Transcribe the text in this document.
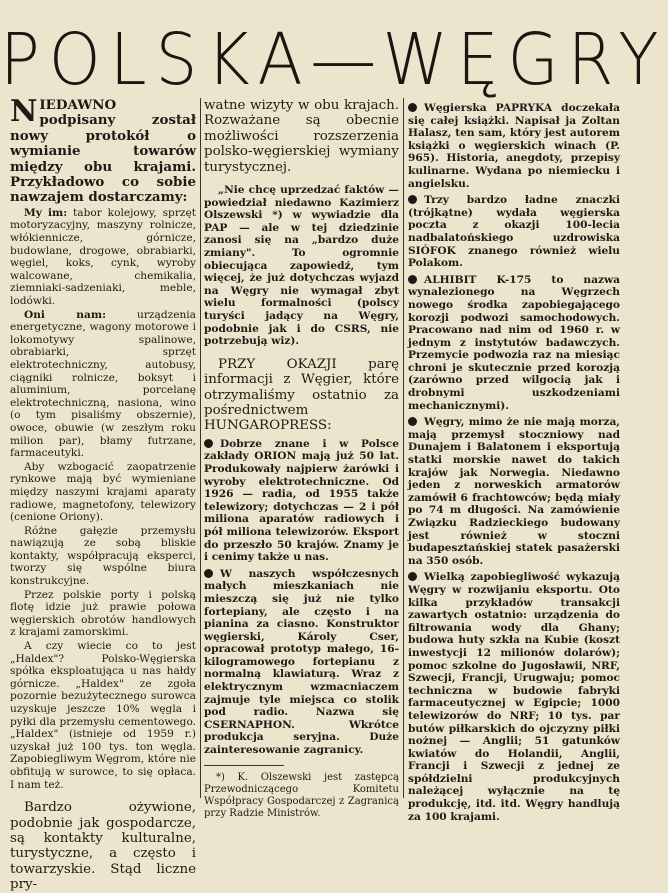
POLSKA—WĘGRY

NIEDAWNO podpisany został nowy protokół o wymianie towarów między obu krajami. Przykładowo co sobie nawzajem dostarczamy:

My im: tabor kolejowy, sprzęt motoryzacyjny, maszyny rolnicze, włókiennicze, górnicze, budowlane, drogowe, obrabiarki, węgiel, koks, cynk, wyroby walcowane, chemikalia, ziemniaki-sadzeniaki, meble, lodówki.

Oni nam:	urządzenia energetyczne, wagony motorowe i lokomotywy spalinowe, obrabiarki, sprzęt elektrotechniczny, autobusy, ciągniki rolnicze, boksyt i aluminium, porcelanę elektrotechniczną, nasiona, wino (o tym pisaliśmy obszernie), owoce, obuwie (w zeszłym roku milion par), błamy futrzane, farmaceutyki.

Aby wzbogacić zaopatrzenie rynkowe mają być wymieniane między naszymi krajami aparaty radiowe, magnetofony, telewizory (cenione Oriony).

Różne gałęzie przemysłu nawiązują ze sobą bliskie kontakty, współpracują eksperci, tworzy się wspólne biura konstrukcyjne.

Przez polskie porty i polską flotę idzie już prawie połowa węgierskich obrotów handlowych z krajami zamorskimi.

A czy wiecie co to jest „Haldex"? Polsko-Węgierska spółka eksploatująca u nas hałdy górnicze. „Haldex" ze zgoła pozornie bezużytecznego surowca uzyskuje jeszcze 10% węgla i pyłki dla przemysłu cementowego. „Haldex" (istnieje od 1959 r.) uzyskał już 100 tys. ton węgla. Zapobiegliwym Węgrom, które nie obfitują w surowce, to się opłaca. I nam też.

Bardzo ożywione, podobnie jak gospodarcze, są kontakty kulturalne, turystyczne, a często i towarzyskie. Stąd liczne pry-

watne wizyty w obu krajach. Rozważane są obecnie możliwości rozszerzenia polsko-węgierskiej wymiany turystycznej.

„Nie chcę uprzedzać faktów — powiedział niedawno Kazimierz Olszewski *) w wywiadzie dla PAP — ale w tej dziedzinie zanosi się na „bardzo duże zmiany". To ogromnie obiecująca zapowiedź, tym więcej, że już dotychczas wyjazd na Węgry nie wymagał zbyt wielu formalności (polscy turyści jadący na Węgry, podobnie jak i do CSRS, nie potrzebują wiz).

PRZY OKAZJI parę informacji z Węgier, które otrzymaliśmy ostatnio za pośrednictwem HUNGAROPRESS:

Dobrze znane i w Polsce zakłady ORION mają już 50 lat. Produkowały najpierw żarówki i wyroby elektrotechniczne. Od 1926 — radia, od 1955 także telewizory; dotychczas — 2 i pół miliona aparatów radiowych i pół miliona telewizorów. Eksport do przeszło 50 krajów. Znamy je i cenimy także u nas.

W naszych współczesnych małych mieszkaniach nie mieszczą się już nie tylko fortepiany, ale często i na pianina za ciasno. Konstruktor węgierski, Károly Cser, opracował prototyp małego, 16-kilogramowego fortepianu z normalną klawiaturą. Wraz z elektrycznym wzmacniaczem zajmuje tyle miejsca co stolik pod radio. Nazwa się CSERNAPHON. Wkrótce produkcja seryjna. Duże zainteresowanie zagranicy.

*) K. Olszewski jest zastępcą Przewodniczącego Komitetu Współpracy Gospodarczej z Zagranicą przy Radzie Ministrów.

Węgierska PAPRYKA doczekała się całej książki. Napisał ja Zoltan Halasz, ten sam, który jest autorem książki o węgierskich winach (P. 965). Historia, anegdoty, przepisy kulinarne. Wydana po niemiecku i angielsku.

Trzy bardzo ładne znaczki (trójkątne) wydała węgierska poczta z okazji 100-lecia nadbalatońskiego uzdrowiska SIÓFOK znanego również wielu Polakom.

ALHIBIT K-175 to nazwa wynalezionego na Węgrzech nowego środka zapobiegającego korozji podwozi samochodowych. Pracowano nad nim od 1960 r. w jednym z instytutów badawczych. Przemycie podwozia raz na miesiąc chroni je skutecznie przed korozją (zarówno przed wilgocią jak i drobnymi uszkodzeniami mechanicznymi).

Węgry, mimo że nie mają morza, mają przemysł stoczniowy nad Dunajem i Balatonem i eksportują statki morskie nawet do takich krajów jak Norwegia. Niedawno jeden z norweskich armatorów zamówił 6 frachtowców; będą miały po 74 m długości. Na zamówienie Związku Radzieckiego budowany jest również w stoczni budapesztańskiej statek pasażerski na 350 osób.

Wielką zapobiegliwość wykazują Węgry w rozwijaniu eksportu. Oto kilka przykładów transakcji zawartych ostatnio: urządzenia do filtrowania wody dla Ghany; budowa huty szkła na Kubie (koszt inwestycji 12 milionów dolarów); pomoc szkolne do Jugosławii, NRF, Szwecji, Francji, Urugwaju; pomoc techniczna w budowie fabryki farmaceutycznej w Egipcie; 1000 telewizorów do NRF; 10 tys. par butów piłkarskich do ojczyzny piłki nożnej — Anglii; 51 gatunków kwiatów do Holandii, Anglii, Francji i Szwecji z jednej ze spółdzielni produkcyjnych należącej wyłącznie na tę produkcję, itd. itd. Węgry handlują za 100 krajami.
